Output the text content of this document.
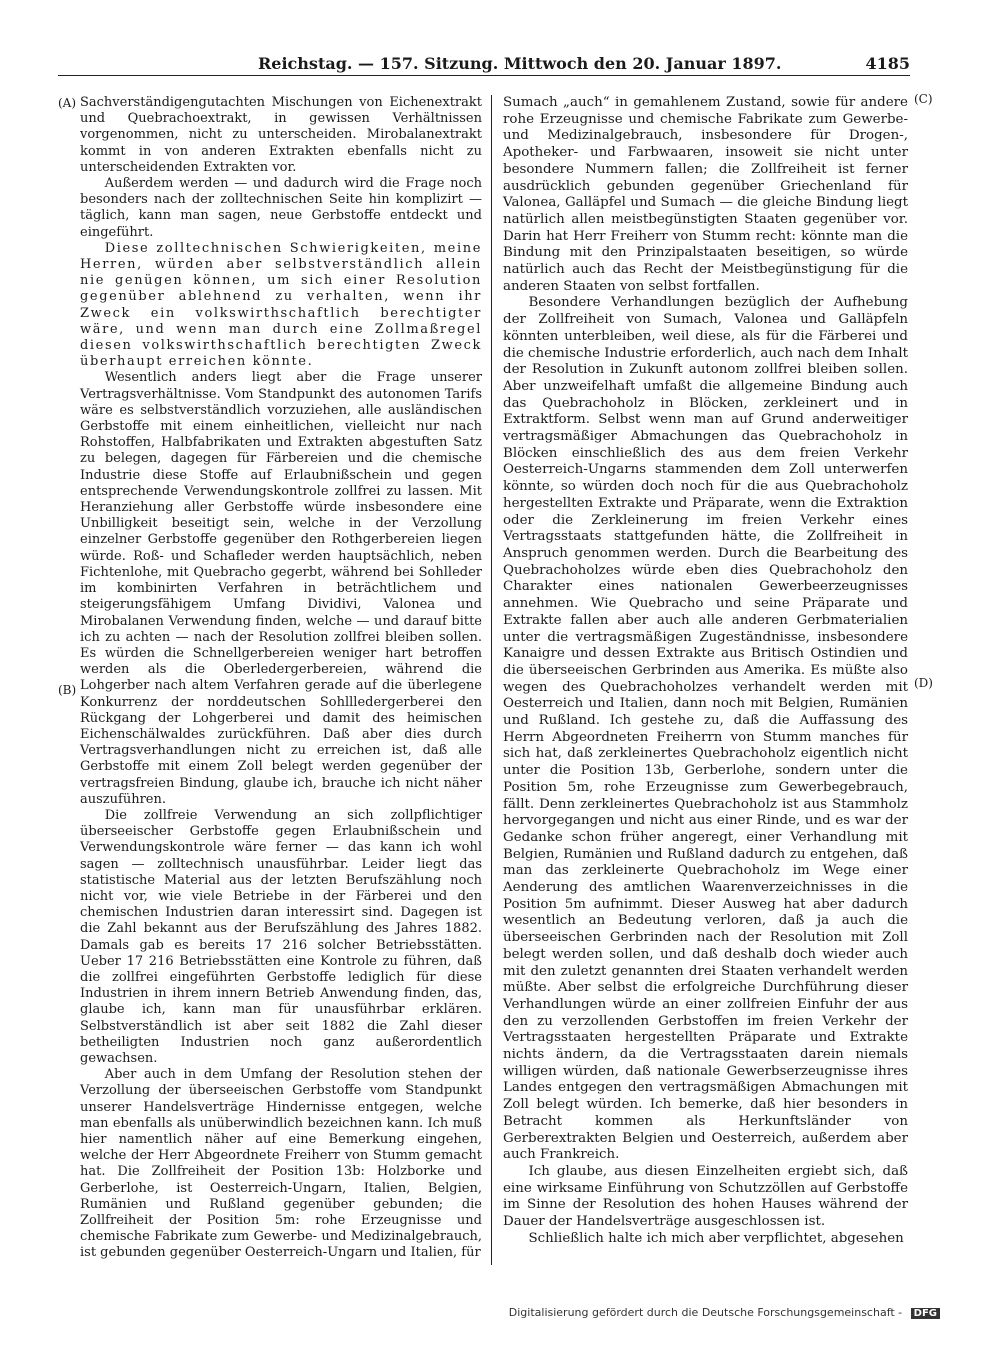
Reichstag. — 157. Sitzung. Mittwoch den 20. Januar 1897.	4185
(A)
(B)
(C)
(D)

Sachverständigengutachten Mischungen von Eichenextrakt und Quebrachoextrakt, in gewissen Verhältnissen vorgenommen, nicht zu unterscheiden. Mirobalanextrakt kommt in von anderen Extrakten ebenfalls nicht zu unterscheidenden Extrakten vor.

Außerdem werden — und dadurch wird die Frage noch besonders nach der zolltechnischen Seite hin komplizirt — täglich, kann man sagen, neue Gerbstoffe entdeckt und eingeführt.

Diese zolltechnischen Schwierigkeiten, meine Herren, würden aber selbstverständlich allein nie genügen können, um sich einer Resolution gegenüber ablehnend zu verhalten, wenn ihr Zweck ein volkswirthschaftlich berechtigter wäre, und wenn man durch eine Zollmaßregel diesen volkswirthschaftlich berechtigten Zweck überhaupt erreichen könnte.

Wesentlich anders liegt aber die Frage unserer Vertragsverhältnisse. Vom Standpunkt des autonomen Tarifs wäre es selbstverständlich vorzuziehen, alle ausländischen Gerbstoffe mit einem einheitlichen, vielleicht nur nach Rohstoffen, Halbfabrikaten und Extrakten abgestuften Satz zu belegen, dagegen für Färbereien und die chemische Industrie diese Stoffe auf Erlaubnißschein und gegen entsprechende Verwendungskontrole zollfrei zu lassen. Mit Heranziehung aller Gerbstoffe würde insbesondere eine Unbilligkeit beseitigt sein, welche in der Verzollung einzelner Gerbstoffe gegenüber den Rothgerbereien liegen würde. Roß- und Schafleder werden hauptsächlich, neben Fichtenlohe, mit Quebracho gegerbt, während bei Sohlleder im kombinirten Verfahren in beträchtlichem und steigerungsfähigem Umfang Dividivi, Valonea und Mirobalanen Verwendung finden, welche — und darauf bitte ich zu achten — nach der Resolution zollfrei bleiben sollen. Es würden die Schnellgerbereien weniger hart betroffen werden als die Oberledergerbereien, während die Lohgerber nach altem Verfahren gerade auf die überlegene Konkurrenz der norddeutschen Sohllledergerberei den Rückgang der Lohgerberei und damit des heimischen Eichenschälwaldes zurückführen. Daß aber dies durch Vertragsverhandlungen nicht zu erreichen ist, daß alle Gerbstoffe mit einem Zoll belegt werden gegenüber der vertragsfreien Bindung, glaube ich, brauche ich nicht näher auszuführen.

Die zollfreie Verwendung an sich zollpflichtiger überseeischer Gerbstoffe gegen Erlaubnißschein und Verwendungskontrole wäre ferner — das kann ich wohl sagen — zolltechnisch unausführbar. Leider liegt das statistische Material aus der letzten Berufszählung noch nicht vor, wie viele Betriebe in der Färberei und den chemischen Industrien daran interessirt sind. Dagegen ist die Zahl bekannt aus der Berufszählung des Jahres 1882. Damals gab es bereits 17 216 solcher Betriebsstätten. Ueber 17 216 Betriebsstätten eine Kontrole zu führen, daß die zollfrei eingeführten Gerbstoffe lediglich für diese Industrien in ihrem innern Betrieb Anwendung finden, das, glaube ich, kann man für unausführbar erklären. Selbstverständlich ist aber seit 1882 die Zahl dieser betheiligten Industrien noch ganz außerordentlich gewachsen.

Aber auch in dem Umfang der Resolution stehen der Verzollung der überseeischen Gerbstoffe vom Standpunkt unserer Handelsverträge Hindernisse entgegen, welche man ebenfalls als unüberwindlich bezeichnen kann. Ich muß hier namentlich näher auf eine Bemerkung eingehen, welche der Herr Abgeordnete Freiherr von Stumm gemacht hat. Die Zollfreiheit der Position 13b: Holzborke und Gerberlohe, ist Oesterreich-Ungarn, Italien, Belgien, Rumänien und Rußland gegenüber gebunden; die Zollfreiheit der Position 5m: rohe Erzeugnisse und chemische Fabrikate zum Gewerbe- und Medizinalgebrauch, ist gebunden gegenüber Oesterreich-Ungarn und Italien, für

Sumach „auch“ in gemahlenem Zustand, sowie für andere rohe Erzeugnisse und chemische Fabrikate zum Gewerbe- und Medizinalgebrauch, insbesondere für Drogen-, Apotheker- und Farbwaaren, insoweit sie nicht unter besondere Nummern fallen; die Zollfreiheit ist ferner ausdrücklich gebunden gegenüber Griechenland für Valonea, Galläpfel und Sumach — die gleiche Bindung liegt natürlich allen meistbegünstigten Staaten gegenüber vor. Darin hat Herr Freiherr von Stumm recht: könnte man die Bindung mit den Prinzipalstaaten beseitigen, so würde natürlich auch das Recht der Meistbegünstigung für die anderen Staaten von selbst fortfallen.

Besondere Verhandlungen bezüglich der Aufhebung der Zollfreiheit von Sumach, Valonea und Galläpfeln könnten unterbleiben, weil diese, als für die Färberei und die chemische Industrie erforderlich, auch nach dem Inhalt der Resolution in Zukunft autonom zollfrei bleiben sollen. Aber unzweifelhaft umfaßt die allgemeine Bindung auch das Quebrachoholz in Blöcken, zerkleinert und in Extraktform. Selbst wenn man auf Grund anderweitiger vertragsmäßiger Abmachungen das Quebrachoholz in Blöcken einschließlich des aus dem freien Verkehr Oesterreich-Ungarns stammenden dem Zoll unterwerfen könnte, so würden doch noch für die aus Quebrachoholz hergestellten Extrakte und Präparate, wenn die Extraktion oder die Zerkleinerung im freien Verkehr eines Vertragsstaats stattgefunden hätte, die Zollfreiheit in Anspruch genommen werden. Durch die Bearbeitung des Quebrachoholzes würde eben dies Quebrachoholz den Charakter eines nationalen Gewerbeerzeugnisses annehmen. Wie Quebracho und seine Präparate und Extrakte fallen aber auch alle anderen Gerbmaterialien unter die vertragsmäßigen Zugeständnisse, insbesondere Kanaigre und dessen Extrakte aus Britisch Ostindien und die überseeischen Gerbrinden aus Amerika. Es müßte also wegen des Quebrachoholzes verhandelt werden mit Oesterreich und Italien, dann noch mit Belgien, Rumänien und Rußland. Ich gestehe zu, daß die Auffassung des Herrn Abgeordneten Freiherrn von Stumm manches für sich hat, daß zerkleinertes Quebrachoholz eigentlich nicht unter die Position 13b, Gerberlohe, sondern unter die Position 5m, rohe Erzeugnisse zum Gewerbegebrauch, fällt. Denn zerkleinertes Quebrachoholz ist aus Stammholz hervorgegangen und nicht aus einer Rinde, und es war der Gedanke schon früher angeregt, einer Verhandlung mit Belgien, Rumänien und Rußland dadurch zu entgehen, daß man das zerkleinerte Quebrachoholz im Wege einer Aenderung des amtlichen Waarenverzeichnisses in die Position 5m aufnimmt. Dieser Ausweg hat aber dadurch wesentlich an Bedeutung verloren, daß ja auch die überseeischen Gerbrinden nach der Resolution mit Zoll belegt werden sollen, und daß deshalb doch wieder auch mit den zuletzt genannten drei Staaten verhandelt werden müßte. Aber selbst die erfolgreiche Durchführung dieser Verhandlungen würde an einer zollfreien Einfuhr der aus den zu verzollenden Gerbstoffen im freien Verkehr der Vertragsstaaten hergestellten Präparate und Extrakte nichts ändern, da die Vertragsstaaten darein niemals willigen würden, daß nationale Gewerbserzeugnisse ihres Landes entgegen den vertragsmäßigen Abmachungen mit Zoll belegt würden. Ich bemerke, daß hier besonders in Betracht kommen als Herkunftsländer von Gerberextrakten Belgien und Oesterreich, außerdem aber auch Frankreich.

Ich glaube, aus diesen Einzelheiten ergiebt sich, daß eine wirksame Einführung von Schutzzöllen auf Gerbstoffe im Sinne der Resolution des hohen Hauses während der Dauer der Handelsverträge ausgeschlossen ist.

Schließlich halte ich mich aber verpflichtet, abgesehen

Digitalisierung gefördert durch die Deutsche Forschungsgemeinschaft - DFG
